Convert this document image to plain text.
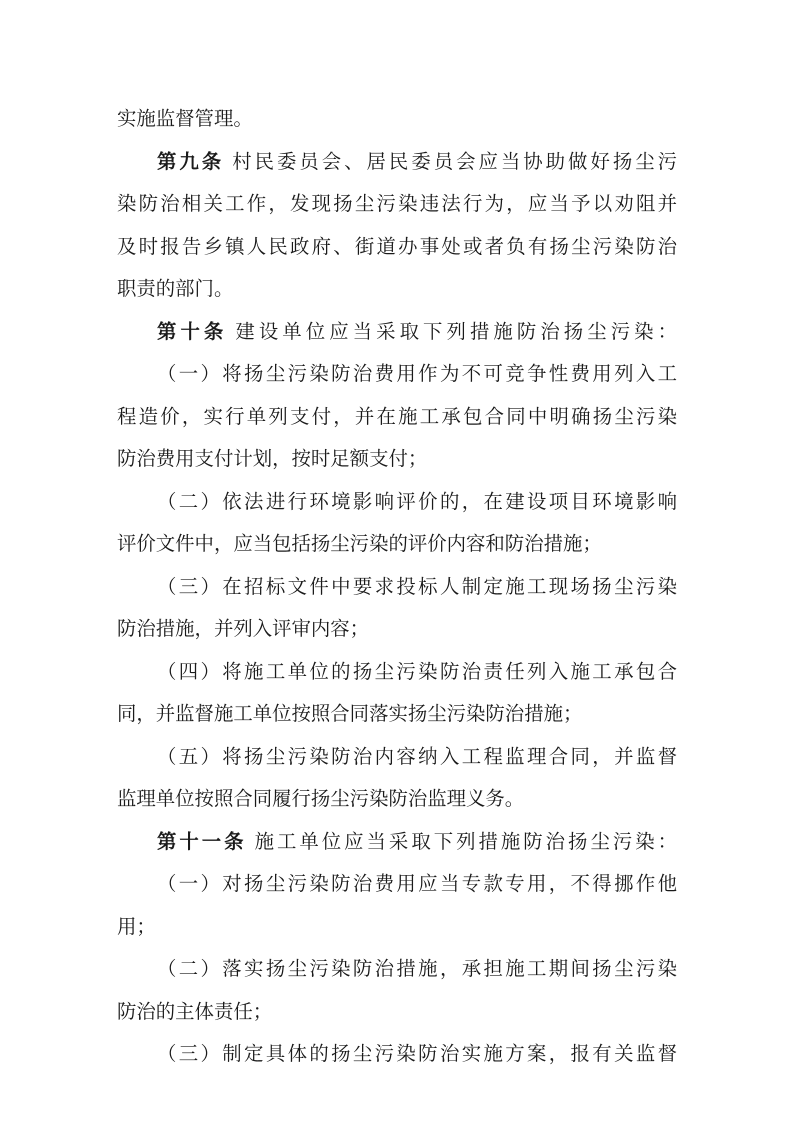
实施监督管理。
第九条 村民委员会、居民委员会应当协助做好扬尘污
染防治相关工作，发现扬尘污染违法行为，应当予以劝阻并
及时报告乡镇人民政府、街道办事处或者负有扬尘污染防治
职责的部门。
第十条 建设单位应当采取下列措施防治扬尘污染：
（一）将扬尘污染防治费用作为不可竞争性费用列入工
程造价，实行单列支付，并在施工承包合同中明确扬尘污染
防治费用支付计划，按时足额支付；
（二）依法进行环境影响评价的，在建设项目环境影响
评价文件中，应当包括扬尘污染的评价内容和防治措施；
（三）在招标文件中要求投标人制定施工现场扬尘污染
防治措施，并列入评审内容；
（四）将施工单位的扬尘污染防治责任列入施工承包合
同，并监督施工单位按照合同落实扬尘污染防治措施；
（五）将扬尘污染防治内容纳入工程监理合同，并监督
监理单位按照合同履行扬尘污染防治监理义务。
第十一条 施工单位应当采取下列措施防治扬尘污染：
（一）对扬尘污染防治费用应当专款专用，不得挪作他
用；
（二）落实扬尘污染防治措施，承担施工期间扬尘污染
防治的主体责任；
（三）制定具体的扬尘污染防治实施方案，报有关监督
